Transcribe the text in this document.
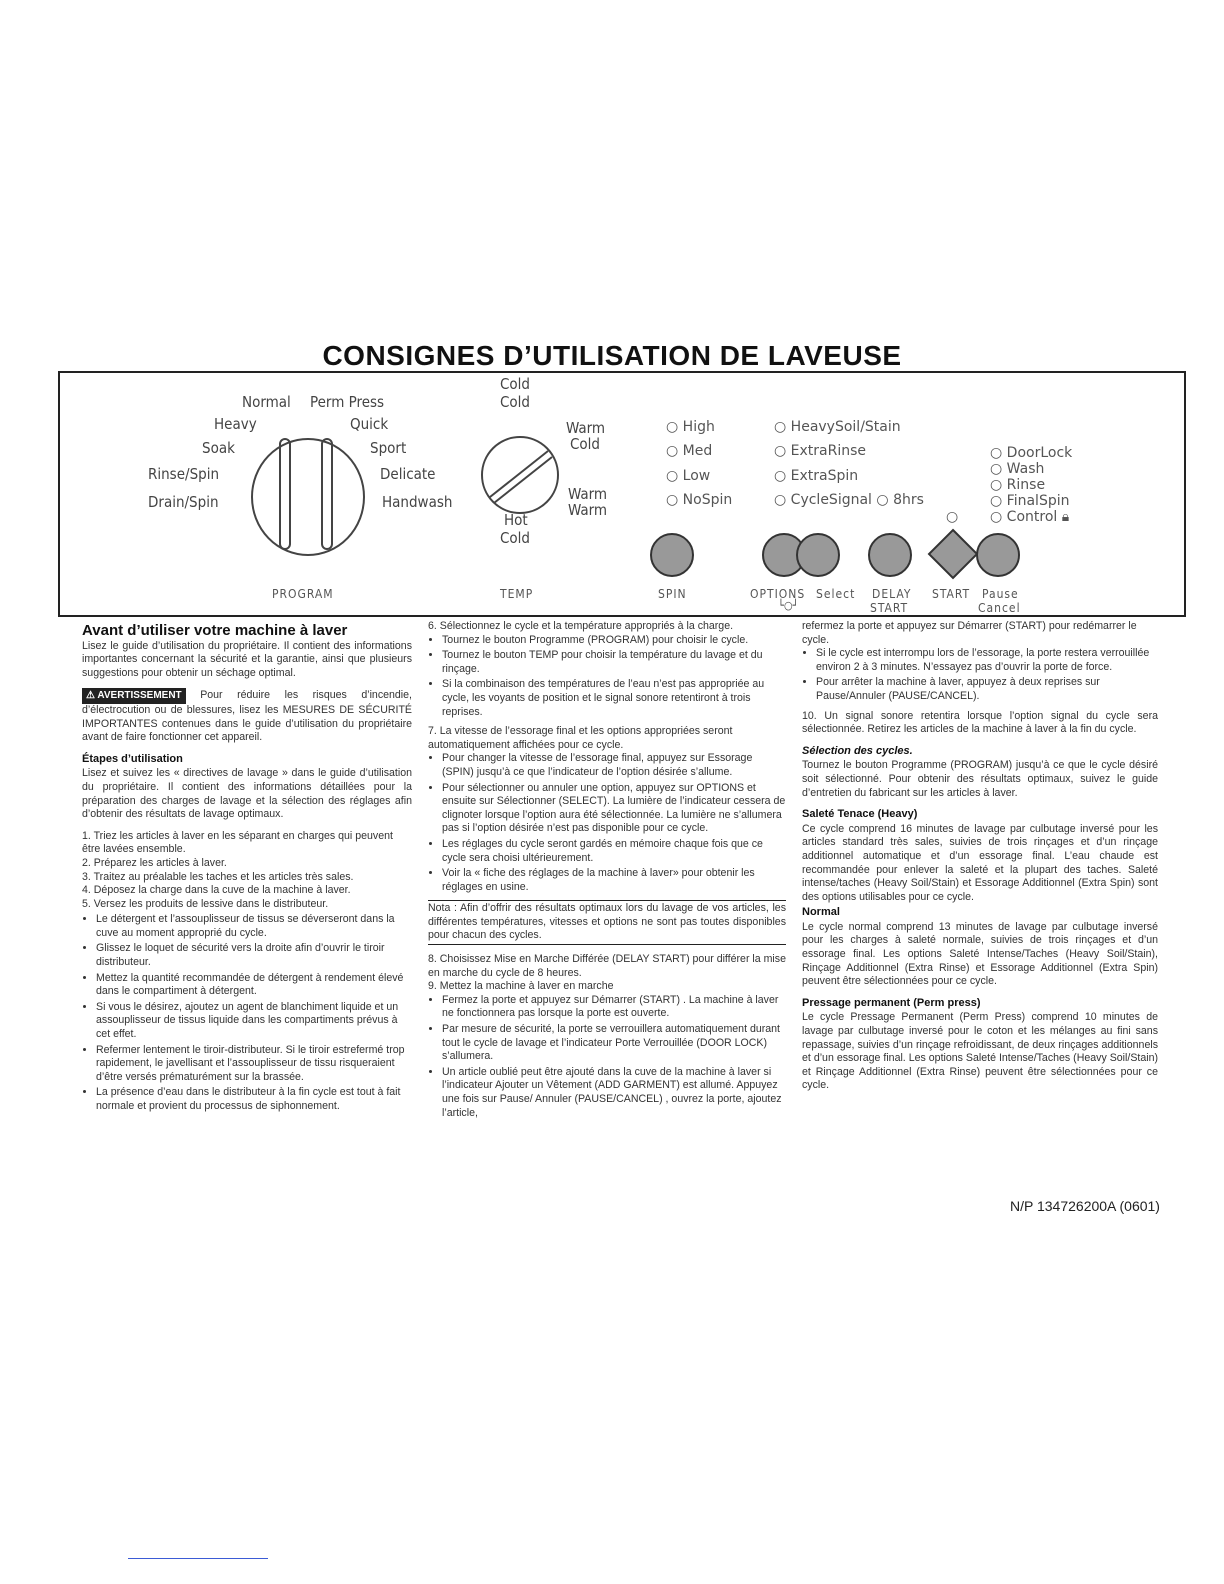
CONSIGNES D’UTILISATION DE LAVEUSE
Normal Perm Press
Heavy	Quick
Soak	Sport
Rinse/Spin	Delicate
Drain/Spin	Handwash
PROGRAM
Cold
Cold
Warm
Cold
Warm
Warm
Hot
Cold
TEMP
○ High
○ Med
○ Low
○ NoSpin
○ HeavySoil/Stain
○ ExtraRinse
○ ExtraSpin
○ CycleSignal ○ 8hrs
○ DoorLock
○ Wash
○ Rinse
○ FinalSpin
○ Control 🔒︎
○
SPIN	OPTIONS Select
└○┘
DELAY
START
START Pause
Cancel
Avant d’utiliser votre machine à laver

Lisez le guide d’utilisation du propriétaire. Il contient des informations importantes concernant la sécurité et la garantie, ainsi que plusieurs suggestions pour obtenir un séchage optimal.

⚠ AVERTISSEMENT Pour réduire les risques d’incendie, d’électrocution ou de blessures, lisez les MESURES DE SÉCURITÉ IMPORTANTES contenues dans le guide d’utilisation du propriétaire avant de faire fonctionner cet appareil.

Étapes d’utilisation

Lisez et suivez les « directives de lavage » dans le guide d’utilisation du propriétaire. Il contient des informations détaillées pour la préparation des charges de lavage et la sélection des réglages afin d’obtenir des résultats de lavage optimaux.

1. Triez les articles à laver en les séparant en charges qui peuvent être lavées ensemble.
2. Préparez les articles à laver.
3. Traitez au préalable les taches et les articles très sales.
4. Déposez la charge dans la cuve de la machine à laver.
5. Versez les produits de lessive dans le distributeur.
• Le détergent et l’assouplisseur de tissus se déverseront dans la cuve au moment approprié du cycle.
• Glissez le loquet de sécurité vers la droite afin d’ouvrir le tiroir distributeur.
• Mettez la quantité recommandée de détergent à rendement élevé dans le compartiment à détergent.
• Si vous le désirez, ajoutez un agent de blanchiment liquide et un assouplisseur de tissus liquide dans les compartiments prévus à cet effet.
• Refermer lentement le tiroir-distributeur. Si le tiroir estrefermé trop rapidement, le javellisant et l’assouplisseur de tissu risqueraient d’être versés prématurément sur la brassée.
• La présence d’eau dans le distributeur à la fin cycle est tout à fait normale et provient du processus de siphonnement.
6. Sélectionnez le cycle et la température appropriés à la charge.
• Tournez le bouton Programme (PROGRAM) pour choisir le cycle.
• Tournez le bouton TEMP pour choisir la température du lavage et du rinçage.
• Si la combinaison des températures de l’eau n’est pas appropriée au cycle, les voyants de position et le signal sonore retentiront à trois reprises.
7. La vitesse de l’essorage final et les options appropriées seront automatiquement affichées pour ce cycle.
• Pour changer la vitesse de l’essorage final, appuyez sur Essorage (SPIN) jusqu’à ce que l’indicateur de l’option désirée s’allume.
• Pour sélectionner ou annuler une option, appuyez sur OPTIONS et ensuite sur Sélectionner (SELECT). La lumière de l’indicateur cessera de clignoter lorsque l’option aura été sélectionnée. La lumière ne s’allumera pas si l’option désirée n’est pas disponible pour ce cycle.
• Les réglages du cycle seront gardés en mémoire chaque fois que ce cycle sera choisi ultérieurement.
• Voir la « fiche des réglages de la machine à laver» pour obtenir les réglages en usine.
Nota : Afin d’offrir des résultats optimaux lors du lavage de vos articles, les différentes températures, vitesses et options ne sont pas toutes disponibles pour chacun des cycles.
8. Choisissez Mise en Marche Différée (DELAY START) pour différer la mise en marche du cycle de 8 heures.
9. Mettez la machine à laver en marche
• Fermez la porte et appuyez sur Démarrer (START) . La machine à laver ne fonctionnera pas lorsque la porte est ouverte.
• Par mesure de sécurité, la porte se verrouillera automatiquement durant tout le cycle de lavage et l’indicateur Porte Verrouillée (DOOR LOCK) s’allumera.
• Un article oublié peut être ajouté dans la cuve de la machine à laver si l’indicateur Ajouter un Vêtement (ADD GARMENT) est allumé. Appuyez une fois sur Pause/ Annuler (PAUSE/CANCEL) , ouvrez la porte, ajoutez l’article,
refermez la porte et appuyez sur Démarrer (START) pour redémarrer le cycle.
• Si le cycle est interrompu lors de l’essorage, la porte restera verrouillée environ 2 à 3 minutes. N’essayez pas d’ouvrir la porte de force.
• Pour arrêter la machine à laver, appuyez à deux reprises sur Pause/Annuler (PAUSE/CANCEL).

10. Un signal sonore retentira lorsque l’option signal du cycle sera sélectionnée. Retirez les articles de la machine à laver à la fin du cycle.

Sélection des cycles.

Tournez le bouton Programme (PROGRAM) jusqu’à ce que le cycle désiré soit sélectionné. Pour obtenir des résultats optimaux, suivez le guide d’entretien du fabricant sur les articles à laver.

Saleté Tenace (Heavy)

Ce cycle comprend 16 minutes de lavage par culbutage inversé pour les articles standard très sales, suivies de trois rinçages et d’un rinçage additionnel automatique et d’un essorage final. L’eau chaude est recommandée pour enlever la saleté et la plupart des taches. Saleté intense/taches (Heavy Soil/Stain) et Essorage Additionnel (Extra Spin) sont des options utilisables pour ce cycle.

Normal

Le cycle normal comprend 13 minutes de lavage par culbutage inversé pour les charges à saleté normale, suivies de trois rinçages et d’un essorage final. Les options Saleté Intense/Taches (Heavy Soil/Stain), Rinçage Additionnel (Extra Rinse) et Essorage Additionnel (Extra Spin) peuvent être sélectionnées pour ce cycle.

Pressage permanent (Perm press)

Le cycle Pressage Permanent (Perm Press) comprend 10 minutes de lavage par culbutage inversé pour le coton et les mélanges au fini sans repassage, suivies d’un rinçage refroidissant, de deux rinçages additionnels et d’un essorage final. Les options Saleté Intense/Taches (Heavy Soil/Stain) et Rinçage Additionnel (Extra Rinse) peuvent être sélectionnées pour ce cycle.

N/P 134726200A (0601)
